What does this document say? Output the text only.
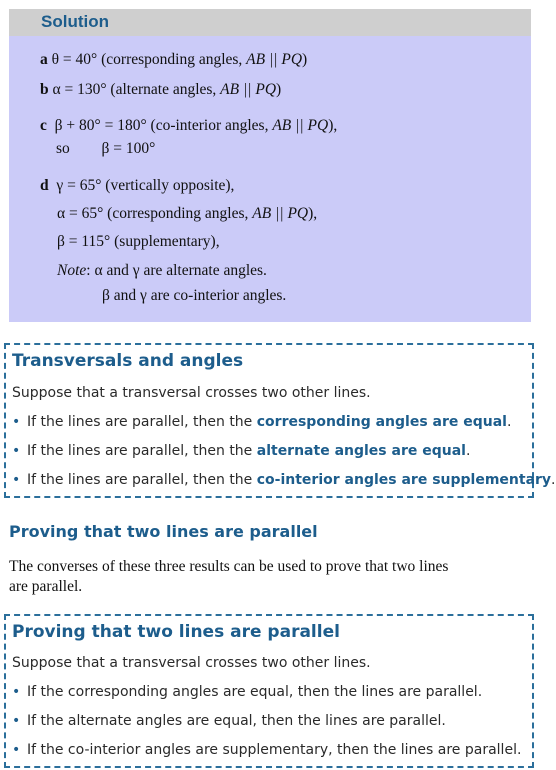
Solution
a θ = 40° (corresponding angles, AB || PQ)
b α = 130° (alternate angles, AB || PQ)
c β + 80° = 180° (co-interior angles, AB || PQ),
so β = 100°
d γ = 65° (vertically opposite),
α = 65° (corresponding angles, AB || PQ),
β = 115° (supplementary),
Note: α and γ are alternate angles.
β and γ are co-interior angles.
Transversals and angles
Suppose that a transversal crosses two other lines.
• If the lines are parallel, then the corresponding angles are equal.
• If the lines are parallel, then the alternate angles are equal.
• If the lines are parallel, then the co-interior angles are supplementary.
Proving that two lines are parallel
The converses of these three results can be used to prove that two lines
are parallel.
Proving that two lines are parallel
Suppose that a transversal crosses two other lines.
• If the corresponding angles are equal, then the lines are parallel.
• If the alternate angles are equal, then the lines are parallel.
• If the co-interior angles are supplementary, then the lines are parallel.
